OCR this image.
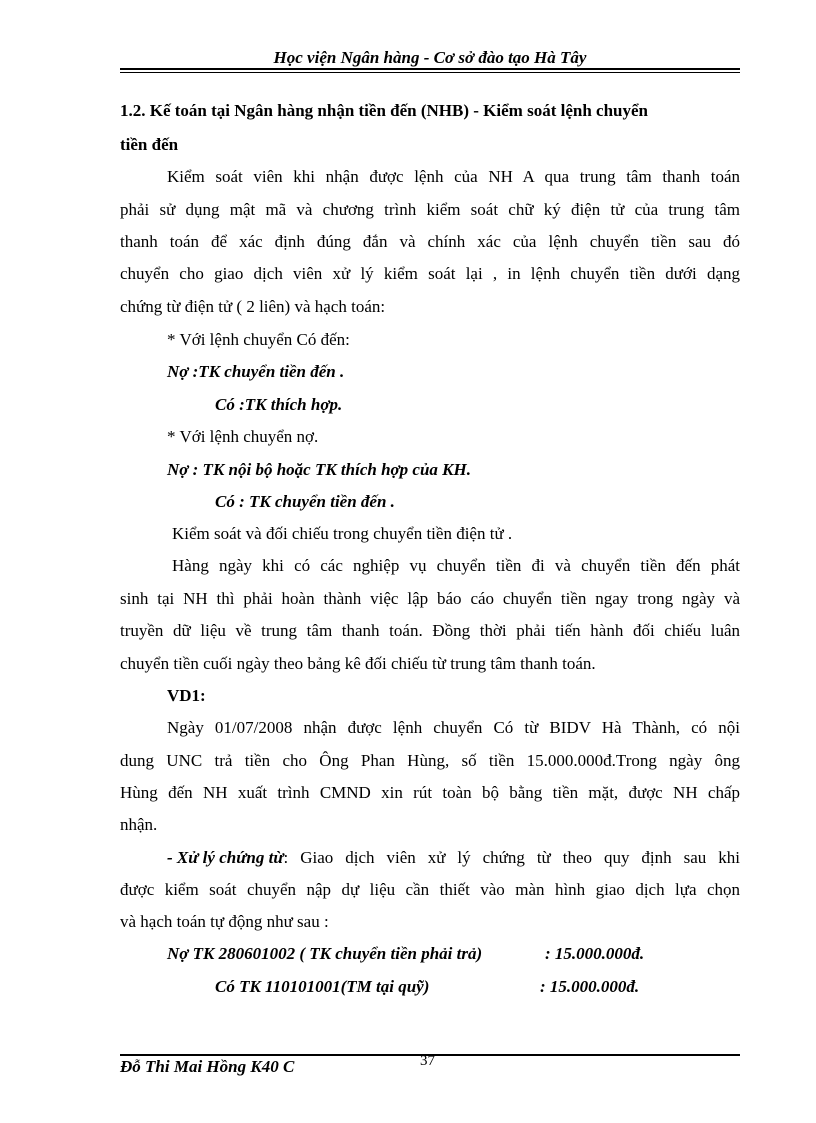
Học viện Ngân hàng - Cơ sở đào tạo Hà Tây
1.2. Kế toán tại Ngân hàng nhận tiền đến (NHB) - Kiểm soát lệnh chuyển
tiền đến
Kiểm soát viên khi nhận được lệnh của NH A qua trung tâm thanh toán
phải sử dụng mật mã và chương trình kiểm soát chữ ký điện tử của trung tâm
thanh toán để xác định đúng đắn và chính xác của lệnh chuyển tiền sau đó
chuyển cho giao dịch viên xử lý kiểm soát lại , in lệnh chuyển tiền dưới dạng
chứng từ điện tử ( 2 liên) và hạch toán:
* Với lệnh chuyển Có đến:
Nợ :TK chuyển tiền đến .
Có :TK thích hợp.
* Với lệnh chuyển nợ.
Nợ : TK nội bộ hoặc TK thích hợp của KH.
Có : TK chuyển tiền đến .
Kiểm soát và đối chiếu trong chuyển tiền điện tử .
Hàng ngày khi có các nghiệp vụ chuyển tiền đi và chuyển tiền đến phát
sinh tại NH thì phải hoàn thành việc lập báo cáo chuyển tiền ngay trong ngày và
truyền dữ liệu về trung tâm thanh toán. Đồng thời phải tiến hành đối chiếu luân
chuyển tiền cuối ngày theo bảng kê đối chiếu từ trung tâm thanh toán.
VD1:
Ngày 01/07/2008 nhận được lệnh chuyển Có từ BIDV Hà Thành, có nội
dung UNC trả tiền cho Ông Phan Hùng, số tiền 15.000.000đ.Trong ngày ông
Hùng đến NH xuất trình CMND xin rút toàn bộ bằng tiền mặt, được NH chấp
nhận.
- Xử lý chứng từ : Giao dịch viên xử lý chứng từ theo quy định sau khi
được kiểm soát chuyển nập dự liệu cần thiết vào màn hình giao dịch lựa chọn
và hạch toán tự động như sau :
Nợ TK 280601002 ( TK chuyển tiền phải trả)	: 15.000.000đ.
Có TK 110101001(TM tại quỹ)	: 15.000.000đ.
Đỗ Thi Mai Hồng K40 C	37
